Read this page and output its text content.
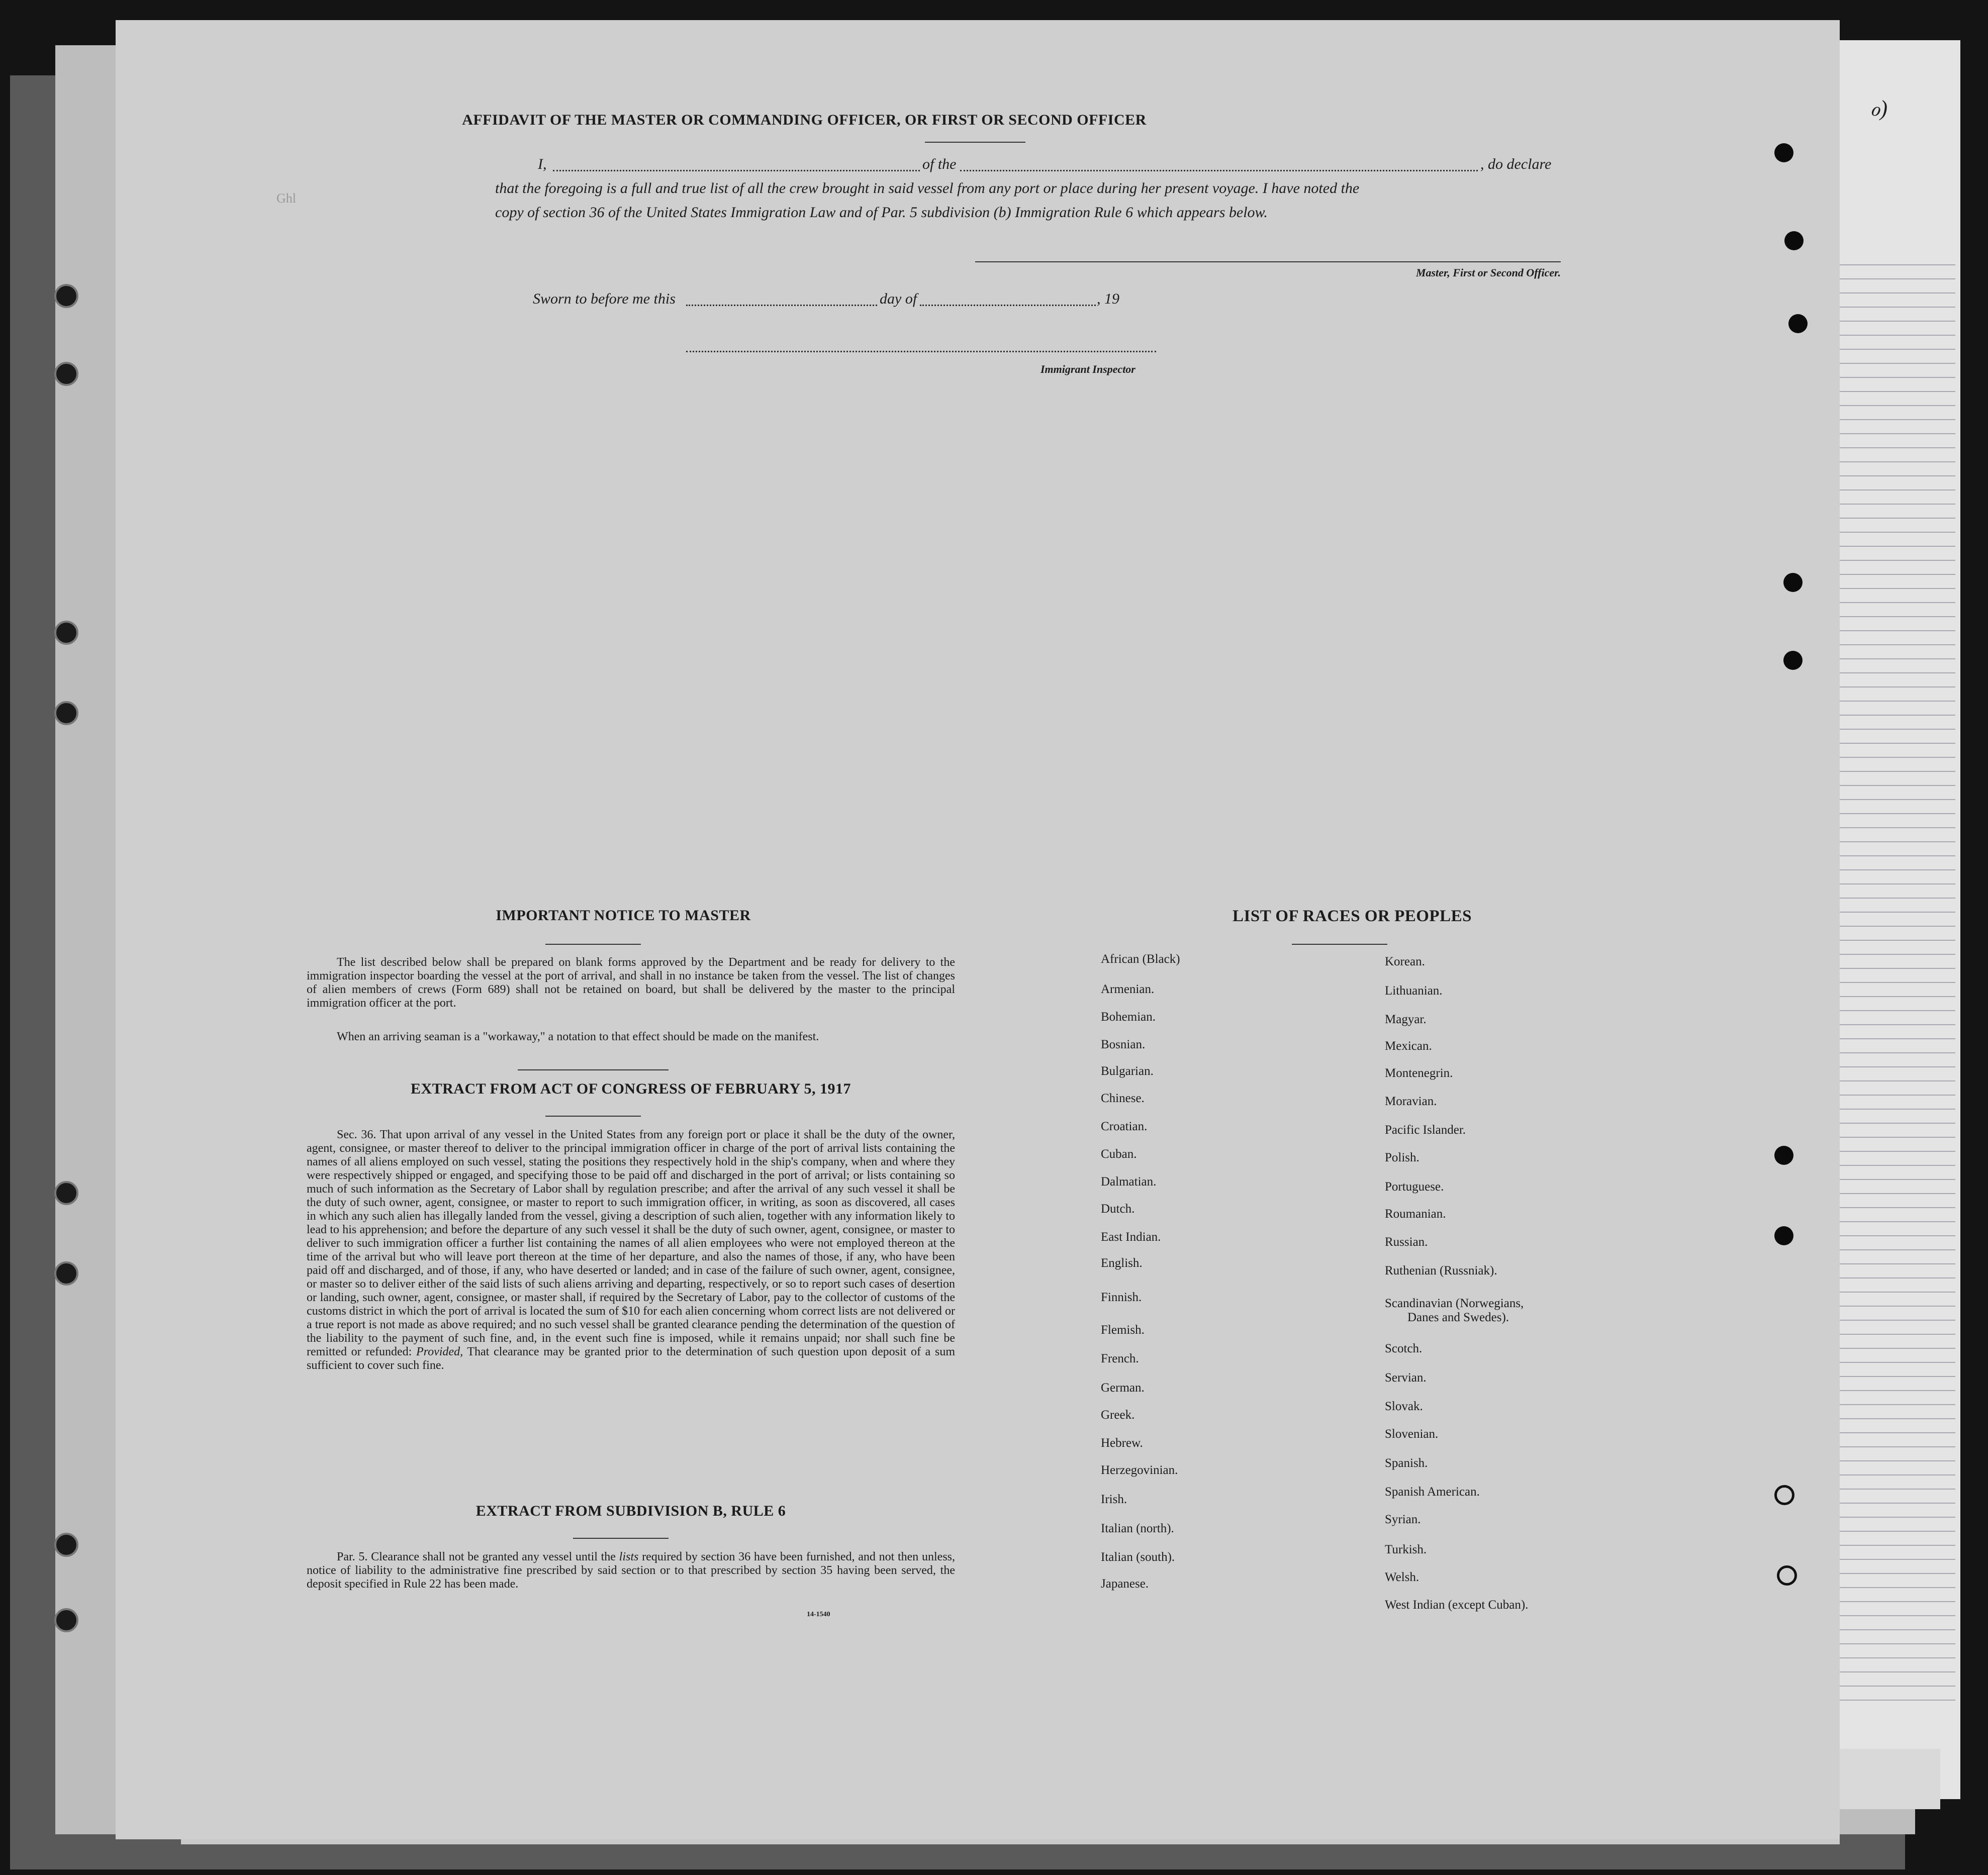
ℴ)
Ghl
AFFIDAVIT OF THE MASTER OR COMMANDING OFFICER, OR FIRST OR SECOND OFFICER
I,	of the	, do declare
that the foregoing is a full and true list of all the crew brought in said vessel from any port or place during her present voyage. I have noted the
copy of section 36 of the United States Immigration Law and of Par. 5 subdivision (b) Immigration Rule 6 which appears below.
Master, First or Second Officer.
Sworn to before me this	day of	, 19
Immigrant Inspector
IMPORTANT NOTICE TO MASTER
The list described below shall be prepared on blank forms approved by the Department and be ready for delivery to the immigration inspector boarding the vessel at the port of arrival, and shall in no instance be taken from the vessel. The list of changes of alien members of crews (Form 689) shall not be retained on board, but shall be delivered by the master to the principal immigration officer at the port.
When an arriving seaman is a "workaway," a notation to that effect should be made on the manifest.
EXTRACT FROM ACT OF CONGRESS OF FEBRUARY 5, 1917
Sec. 36. That upon arrival of any vessel in the United States from any foreign port or place it shall be the duty of the owner, agent, consignee, or master thereof to deliver to the principal immigration officer in charge of the port of arrival lists containing the names of all aliens employed on such vessel, stating the positions they respectively hold in the ship's company, when and where they were respectively shipped or engaged, and specifying those to be paid off and discharged in the port of arrival; or lists containing so much of such information as the Secretary of Labor shall by regulation prescribe; and after the arrival of any such vessel it shall be the duty of such owner, agent, consignee, or master to report to such immigration officer, in writing, as soon as discovered, all cases in which any such alien has illegally landed from the vessel, giving a description of such alien, together with any information likely to lead to his apprehension; and before the departure of any such vessel it shall be the duty of such owner, agent, consignee, or master to deliver to such immigration officer a further list containing the names of all alien employees who were not employed thereon at the time of the arrival but who will leave port thereon at the time of her departure, and also the names of those, if any, who have been paid off and discharged, and of those, if any, who have deserted or landed; and in case of the failure of such owner, agent, consignee, or master so to deliver either of the said lists of such aliens arriving and departing, respectively, or so to report such cases of desertion or landing, such owner, agent, consignee, or master shall, if required by the Secretary of Labor, pay to the collector of customs of the customs district in which the port of arrival is located the sum of $10 for each alien concerning whom correct lists are not delivered or a true report is not made as above required; and no such vessel shall be granted clearance pending the determination of the question of the liability to the payment of such fine, and, in the event such fine is imposed, while it remains unpaid; nor shall such fine be remitted or refunded: Provided, That clearance may be granted prior to the determination of such question upon deposit of a sum sufficient to cover such fine.
EXTRACT FROM SUBDIVISION B, RULE 6
Par. 5. Clearance shall not be granted any vessel until the lists required by section 36 have been furnished, and not then unless, notice of liability to the administrative fine prescribed by said section or to that prescribed by section 35 having been served, the deposit specified in Rule 22 has been made.
14-1540
LIST OF RACES OR PEOPLES
African (Black)
Armenian.
Bohemian.
Bosnian.
Bulgarian.
Chinese.
Croatian.
Cuban.
Dalmatian.
Dutch.
East Indian.
English.
Finnish.
Flemish.
French.
German.
Greek.
Hebrew.
Herzegovinian.
Irish.
Italian (north).
Italian (south).
Japanese.
Korean.
Lithuanian.
Magyar.
Mexican.
Montenegrin.
Moravian.
Pacific Islander.
Polish.
Portuguese.
Roumanian.
Russian.
Ruthenian (Russniak).
Scandinavian (Norwegians,
Scotch.
Servian.
Slovak.
Slovenian.
Spanish.
Spanish American.
Syrian.
Turkish.
Welsh.
West Indian (except Cuban).
Danes and Swedes).
